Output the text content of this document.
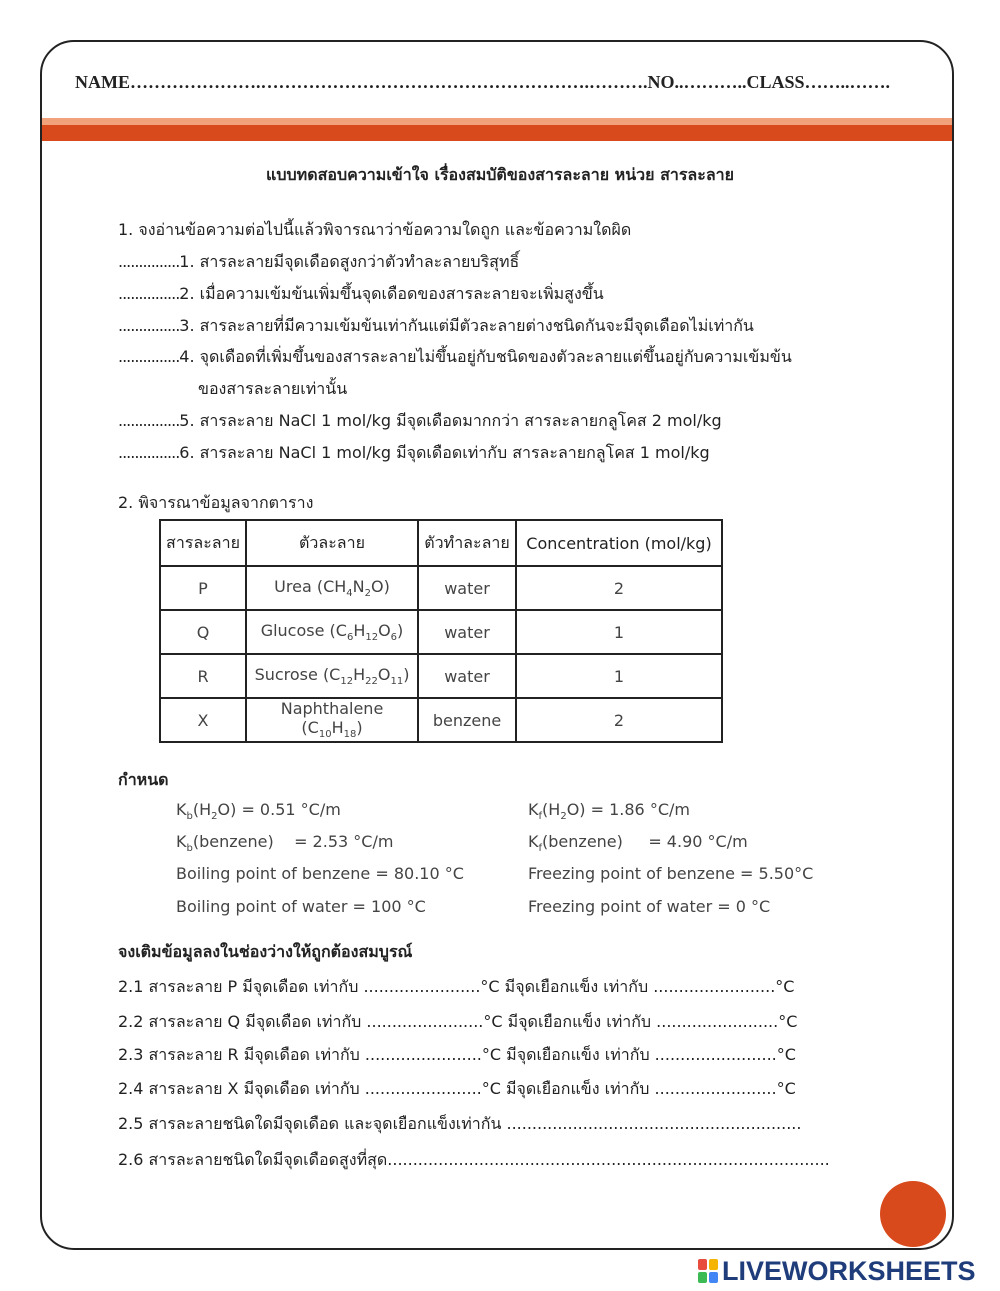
NAME………………….……………………………………………….……….NO..………..CLASS……..…….
แบบทดสอบความเข้าใจ เรื่องสมบัติของสารละลาย หน่วย สารละลาย
1. จงอ่านข้อความต่อไปนี้แล้วพิจารณาว่าข้อความใดถูก และข้อความใดผิด
...............1. สารละลายมีจุดเดือดสูงกว่าตัวทำละลายบริสุทธิ์
...............2. เมื่อความเข้มข้นเพิ่มขึ้นจุดเดือดของสารละลายจะเพิ่มสูงขึ้น
...............3. สารละลายที่มีความเข้มข้นเท่ากันแต่มีตัวละลายต่างชนิดกันจะมีจุดเดือดไม่เท่ากัน
...............4. จุดเดือดที่เพิ่มขึ้นของสารละลายไม่ขึ้นอยู่กับชนิดของตัวละลายแต่ขึ้นอยู่กับความเข้มข้น
ของสารละลายเท่านั้น
...............5. สารละลาย NaCl 1 mol/kg มีจุดเดือดมากกว่า สารละลายกลูโคส 2 mol/kg
...............6. สารละลาย NaCl 1 mol/kg มีจุดเดือดเท่ากับ สารละลายกลูโคส 1 mol/kg
2. พิจารณาข้อมูลจากตาราง
สารละลาย	ตัวละลาย	ตัวทำละลาย	Concentration (mol/kg)
P	Urea $(CH_4N_2O)$	water	2
Q	Glucose $(C_6H_{12}O_6)$	water	1
R	Sucrose $(C_{12}H_{22}O_{11})$	water	1
X	Naphthalene $(C_{10}H_{18})$	benzene	2
กำหนด
$K_b(H_2O) = 0.51$ °C/m	$K_f(H_2O) = 1.86$ °C/m
$K_b(benzene)$    = 2.53 °C/m	$K_f(benzene)$     = 4.90 °C/m
Boiling point of benzene = 80.10 °C	Freezing point of benzene = 5.50°C
Boiling point of water = 100 °C	Freezing point of water = 0 °C
จงเติมข้อมูลลงในช่องว่างให้ถูกต้องสมบูรณ์
2.1 สารละลาย P มีจุดเดือด เท่ากับ .......................°C มีจุดเยือกแข็ง เท่ากับ ........................°C
2.2 สารละลาย Q มีจุดเดือด เท่ากับ .......................°C มีจุดเยือกแข็ง เท่ากับ ........................°C
2.3 สารละลาย R มีจุดเดือด เท่ากับ .......................°C มีจุดเยือกแข็ง เท่ากับ ........................°C
2.4 สารละลาย X มีจุดเดือด เท่ากับ .......................°C มีจุดเยือกแข็ง เท่ากับ ........................°C
2.5 สารละลายชนิดใดมีจุดเดือด และจุดเยือกแข็งเท่ากัน ..........................................................
2.6 สารละลายชนิดใดมีจุดเดือดสูงที่สุด.......................................................................................
LIVEWORKSHEETS
